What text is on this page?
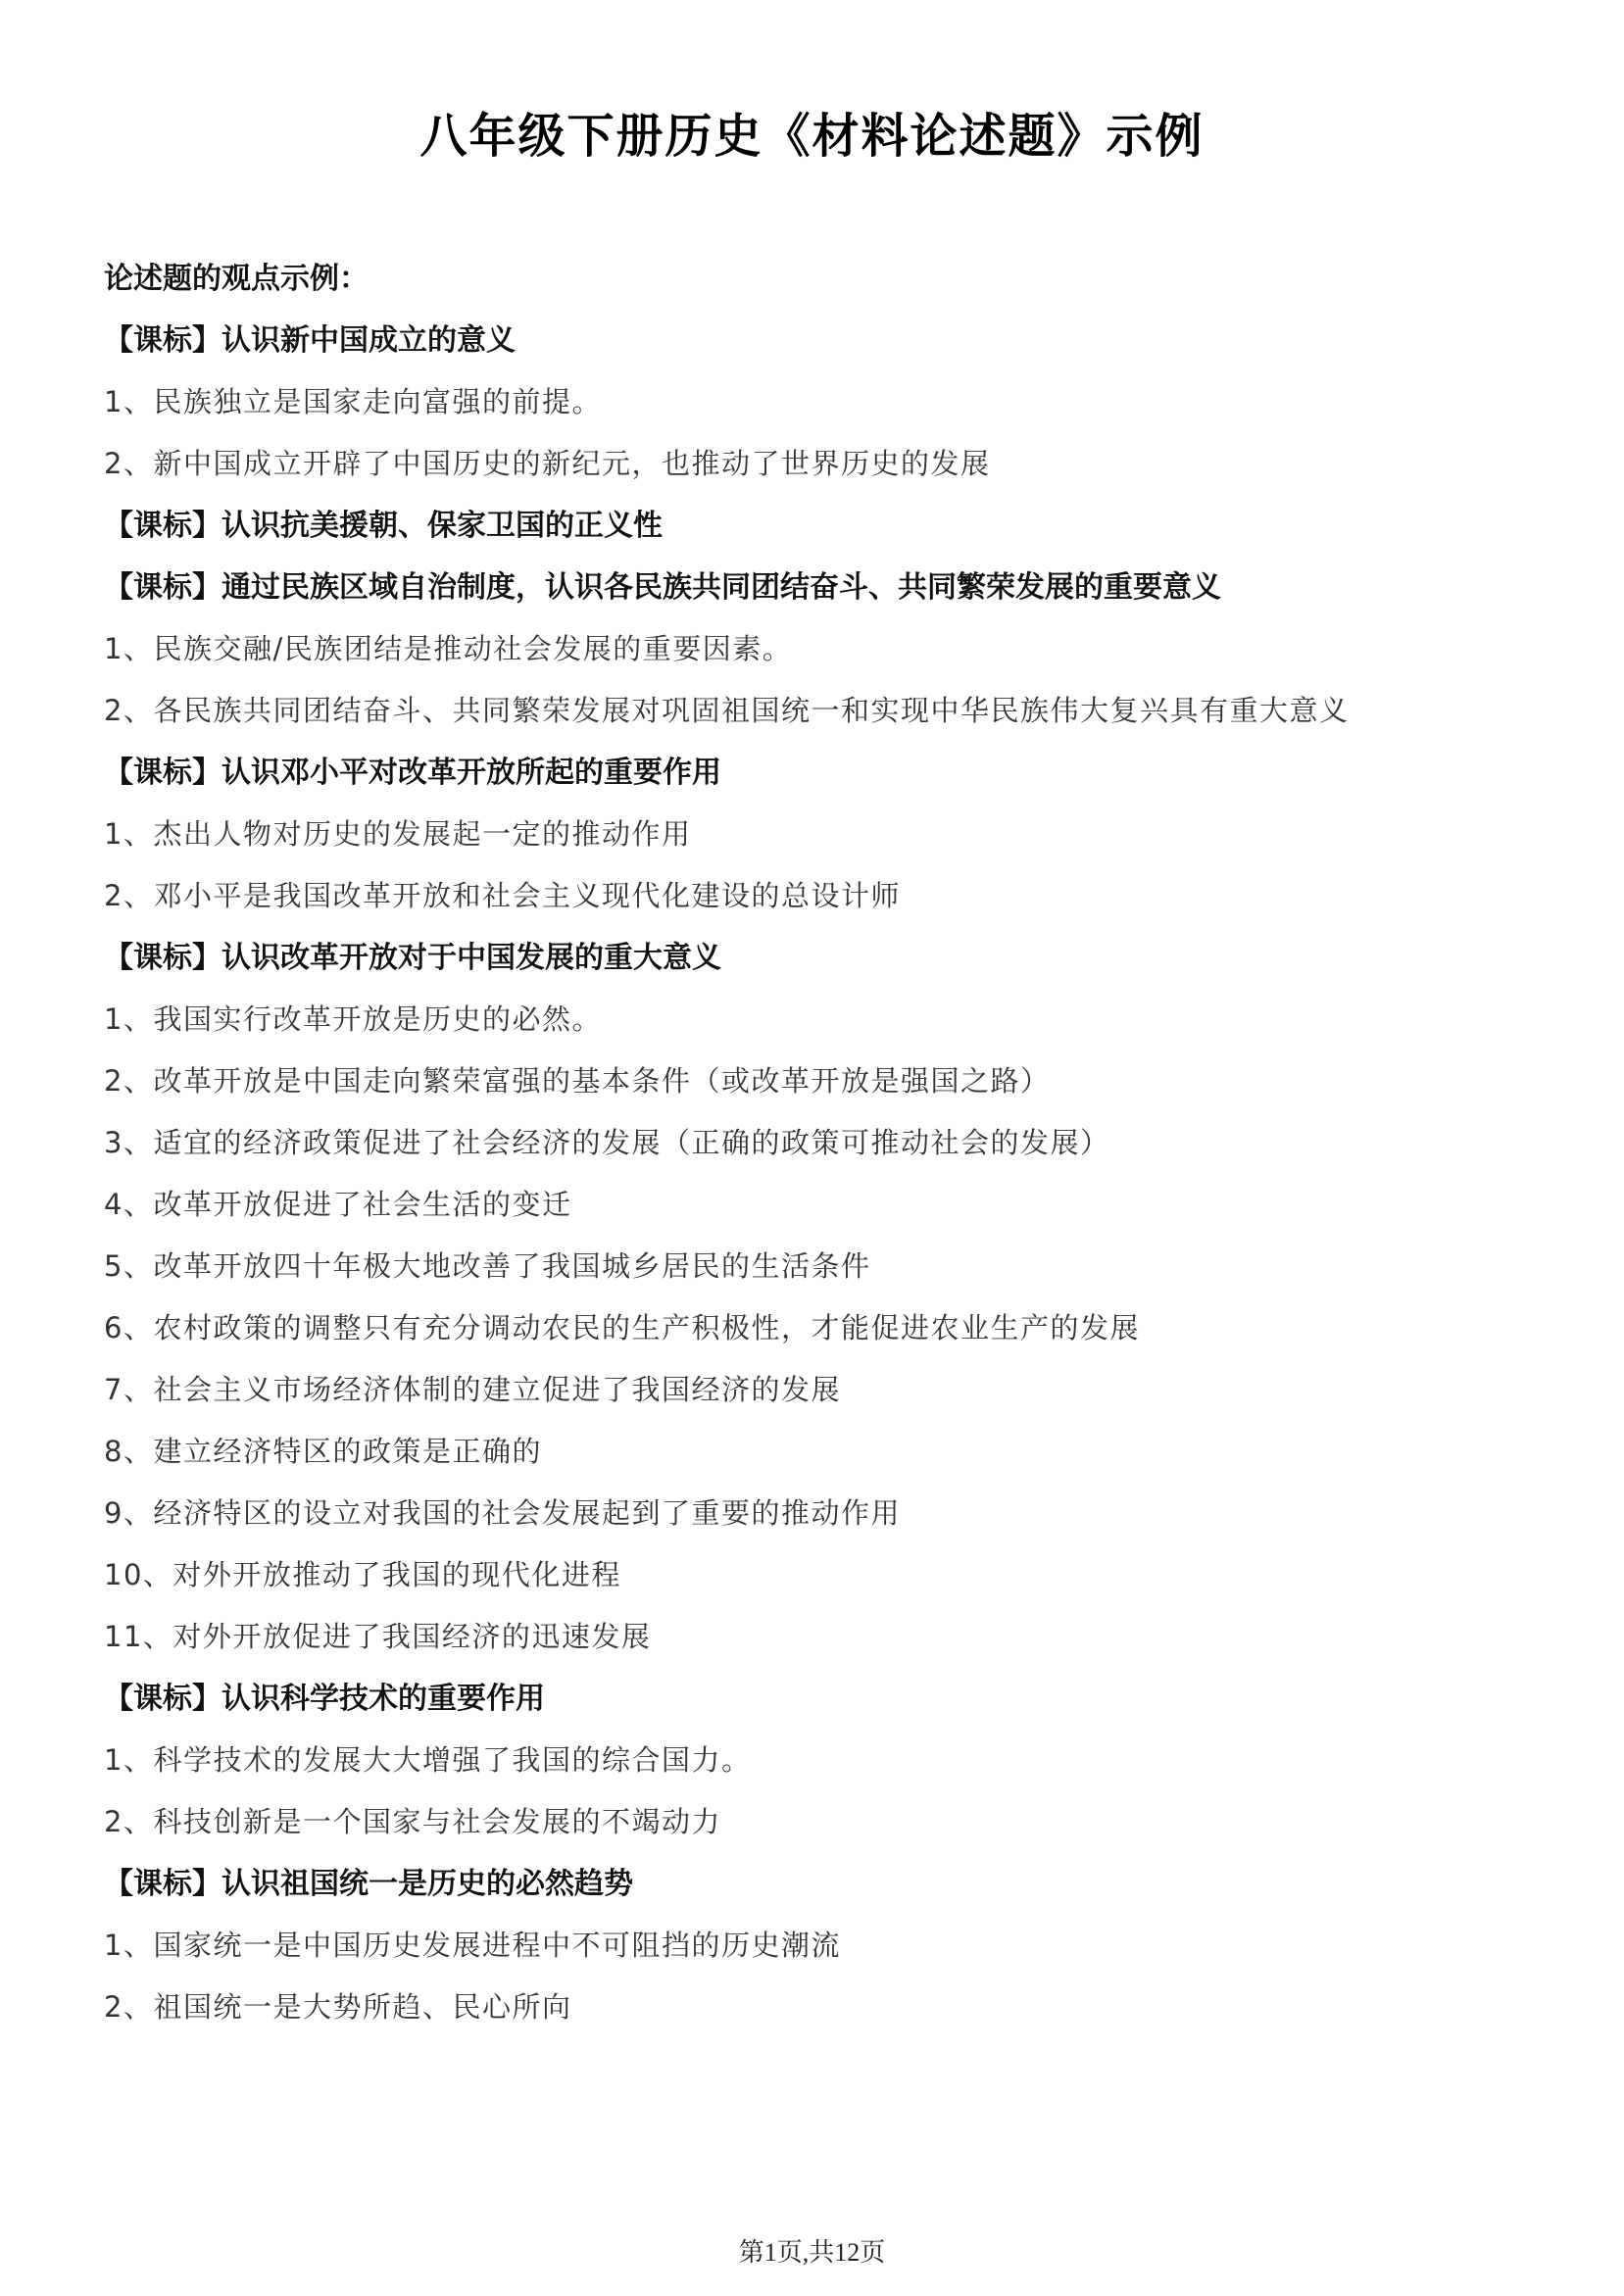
八年级下册历史《材料论述题》示例

论述题的观点示例：

【课标】认识新中国成立的意义

1、民族独立是国家走向富强的前提。

2、新中国成立开辟了中国历史的新纪元，也推动了世界历史的发展

【课标】认识抗美援朝、保家卫国的正义性

【课标】通过民族区域自治制度，认识各民族共同团结奋斗、共同繁荣发展的重要意义

1、民族交融/民族团结是推动社会发展的重要因素。

2、各民族共同团结奋斗、共同繁荣发展对巩固祖国统一和实现中华民族伟大复兴具有重大意义

【课标】认识邓小平对改革开放所起的重要作用

1、杰出人物对历史的发展起一定的推动作用

2、邓小平是我国改革开放和社会主义现代化建设的总设计师

【课标】认识改革开放对于中国发展的重大意义

1、我国实行改革开放是历史的必然。

2、改革开放是中国走向繁荣富强的基本条件（或改革开放是强国之路）

3、适宜的经济政策促进了社会经济的发展（正确的政策可推动社会的发展）

4、改革开放促进了社会生活的变迁

5、改革开放四十年极大地改善了我国城乡居民的生活条件

6、农村政策的调整只有充分调动农民的生产积极性，才能促进农业生产的发展

7、社会主义市场经济体制的建立促进了我国经济的发展

8、建立经济特区的政策是正确的

9、经济特区的设立对我国的社会发展起到了重要的推动作用

10、对外开放推动了我国的现代化进程

11、对外开放促进了我国经济的迅速发展

【课标】认识科学技术的重要作用

1、科学技术的发展大大增强了我国的综合国力。

2、科技创新是一个国家与社会发展的不竭动力

【课标】认识祖国统一是历史的必然趋势

1、国家统一是中国历史发展进程中不可阻挡的历史潮流

2、祖国统一是大势所趋、民心所向

第1页,共12页
